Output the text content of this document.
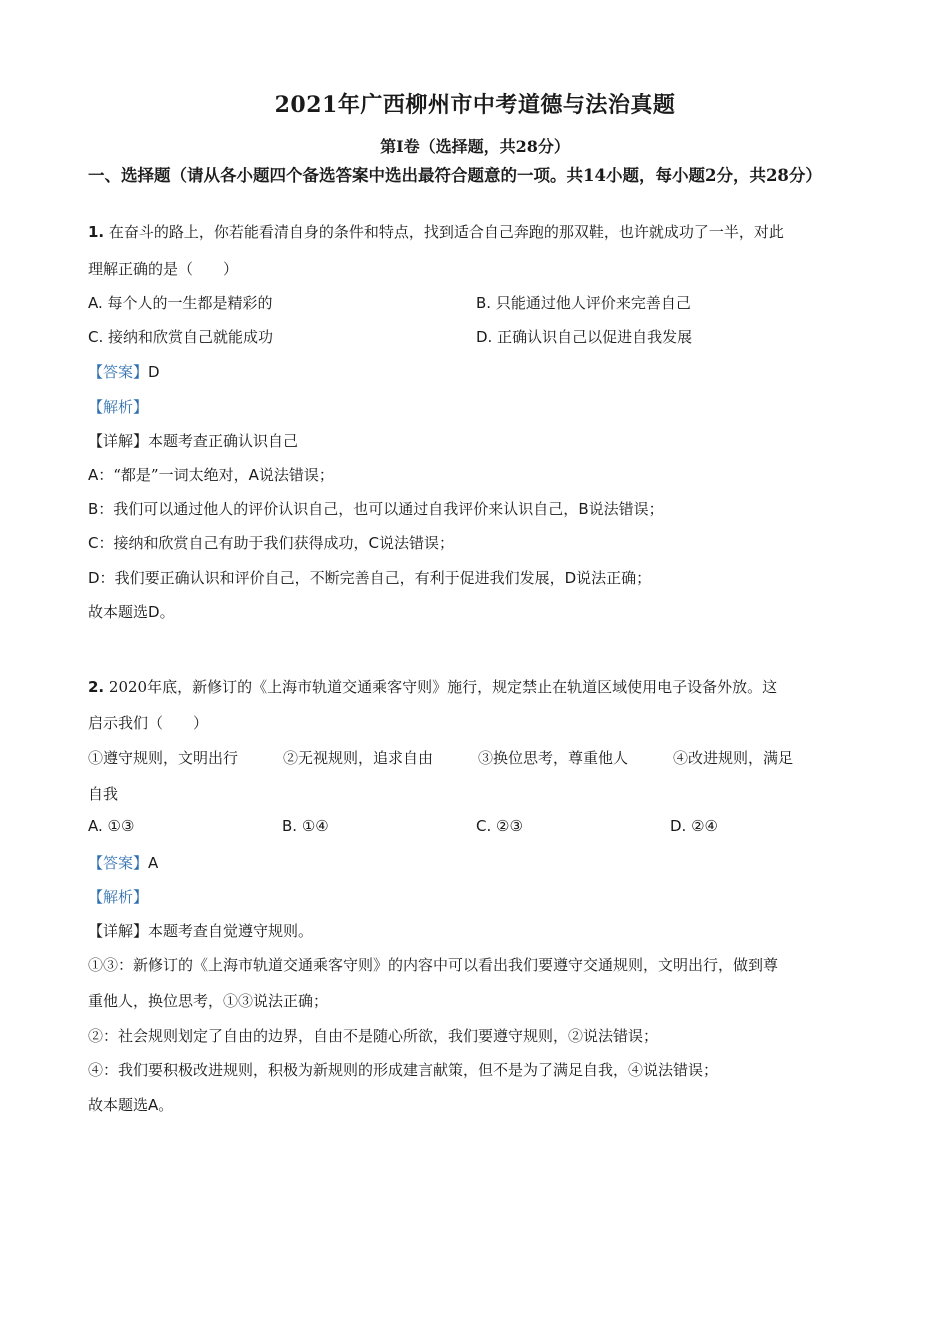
2021年广西柳州市中考道德与法治真题
第Ⅰ卷（选择题，共28分）
一、选择题（请从各小题四个备选答案中选出最符合题意的一项。共14小题，每小题2分，共28分）
1. 在奋斗的路上，你若能看清自身的条件和特点，找到适合自己奔跑的那双鞋，也许就成功了一半，对此
理解正确的是（　　）
A. 每个人的一生都是精彩的	B. 只能通过他人评价来完善自己
C. 接纳和欣赏自己就能成功	D. 正确认识自己以促进自我发展
【答案】D
【解析】
【详解】本题考查正确认识自己
A：“都是”一词太绝对，A说法错误；
B：我们可以通过他人的评价认识自己，也可以通过自我评价来认识自己，B说法错误；
C：接纳和欣赏自己有助于我们获得成功，C说法错误；
D：我们要正确认识和评价自己，不断完善自己，有利于促进我们发展，D说法正确；
故本题选D。
2. 2020年底，新修订的《上海市轨道交通乘客守则》施行，规定禁止在轨道区域使用电子设备外放。这
启示我们（　　）
①遵守规则，文明出行　　　②无视规则，追求自由　　　③换位思考，尊重他人　　　④改进规则，满足
自我
A. ①③	B. ①④	C. ②③	D. ②④
【答案】A
【解析】
【详解】本题考查自觉遵守规则。
①③：新修订的《上海市轨道交通乘客守则》的内容中可以看出我们要遵守交通规则，文明出行，做到尊
重他人，换位思考，①③说法正确；
②：社会规则划定了自由的边界，自由不是随心所欲，我们要遵守规则，②说法错误；
④：我们要积极改进规则，积极为新规则的形成建言献策，但不是为了满足自我，④说法错误；
故本题选A。
